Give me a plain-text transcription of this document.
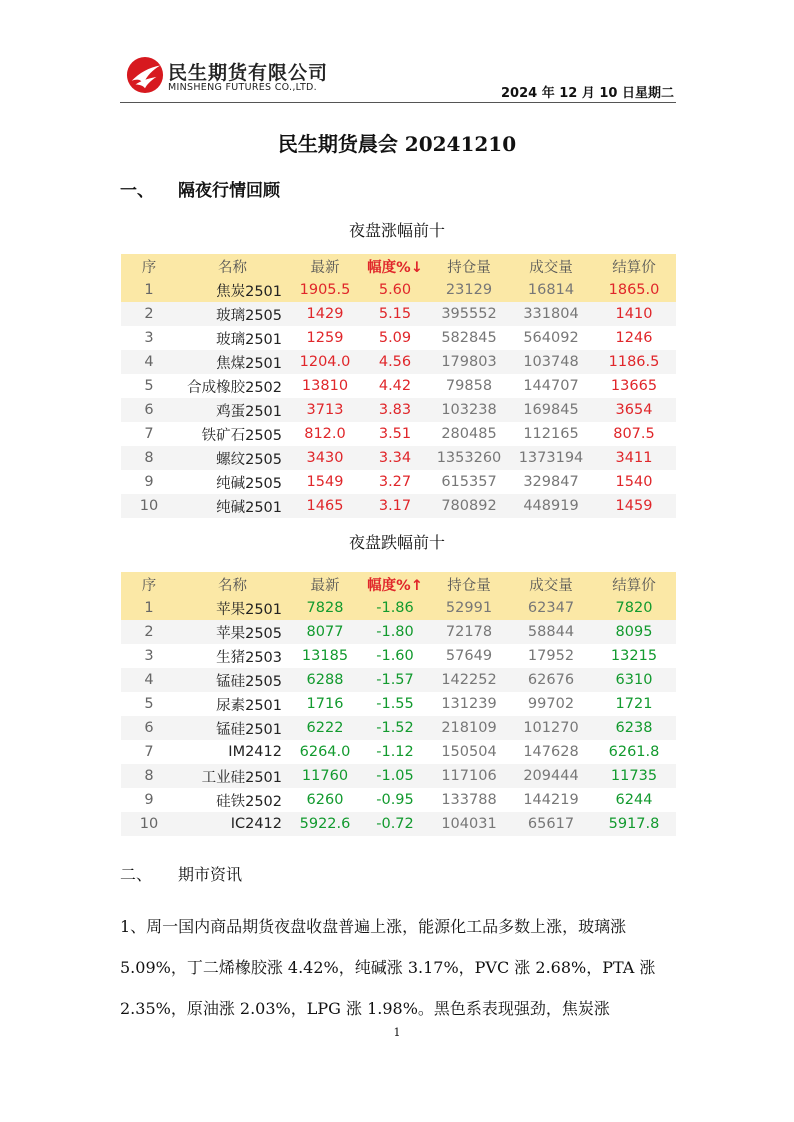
民生期货有限公司
MINSHENG FUTURES CO.,LTD.	2024 年 12 月 10 日星期二
民生期货晨会 20241210
一、 隔夜行情回顾
夜盘涨幅前十
序	名称	最新	幅度%↓	持仓量	成交量	结算价
1	焦炭2501	1905.5	5.60	23129	16814	1865.0
2	玻璃2505	1429	5.15	395552	331804	1410
3	玻璃2501	1259	5.09	582845	564092	1246
4	焦煤2501	1204.0	4.56	179803	103748	1186.5
5	合成橡胶2502	13810	4.42	79858	144707	13665
6	鸡蛋2501	3713	3.83	103238	169845	3654
7	铁矿石2505	812.0	3.51	280485	112165	807.5
8	螺纹2505	3430	3.34	1353260	1373194	3411
9	纯碱2505	1549	3.27	615357	329847	1540
10	纯碱2501	1465	3.17	780892	448919	1459
夜盘跌幅前十
序	名称	最新	幅度%↑	持仓量	成交量	结算价
1	苹果2501	7828	-1.86	52991	62347	7820
2	苹果2505	8077	-1.80	72178	58844	8095
3	生猪2503	13185	-1.60	57649	17952	13215
4	锰硅2505	6288	-1.57	142252	62676	6310
5	尿素2501	1716	-1.55	131239	99702	1721
6	锰硅2501	6222	-1.52	218109	101270	6238
7	IM2412	6264.0	-1.12	150504	147628	6261.8
8	工业硅2501	11760	-1.05	117106	209444	11735
9	硅铁2502	6260	-0.95	133788	144219	6244
10	IC2412	5922.6	-0.72	104031	65617	5917.8
二、 期市资讯

1、周一国内商品期货夜盘收盘普遍上涨，能源化工品多数上涨，玻璃涨 5.09%，丁二烯橡胶涨 4.42%，纯碱涨 3.17%，PVC 涨 2.68%，PTA 涨 2.35%，原油涨 2.03%，LPG 涨 1.98%。黑色系表现强劲，焦炭涨

1
